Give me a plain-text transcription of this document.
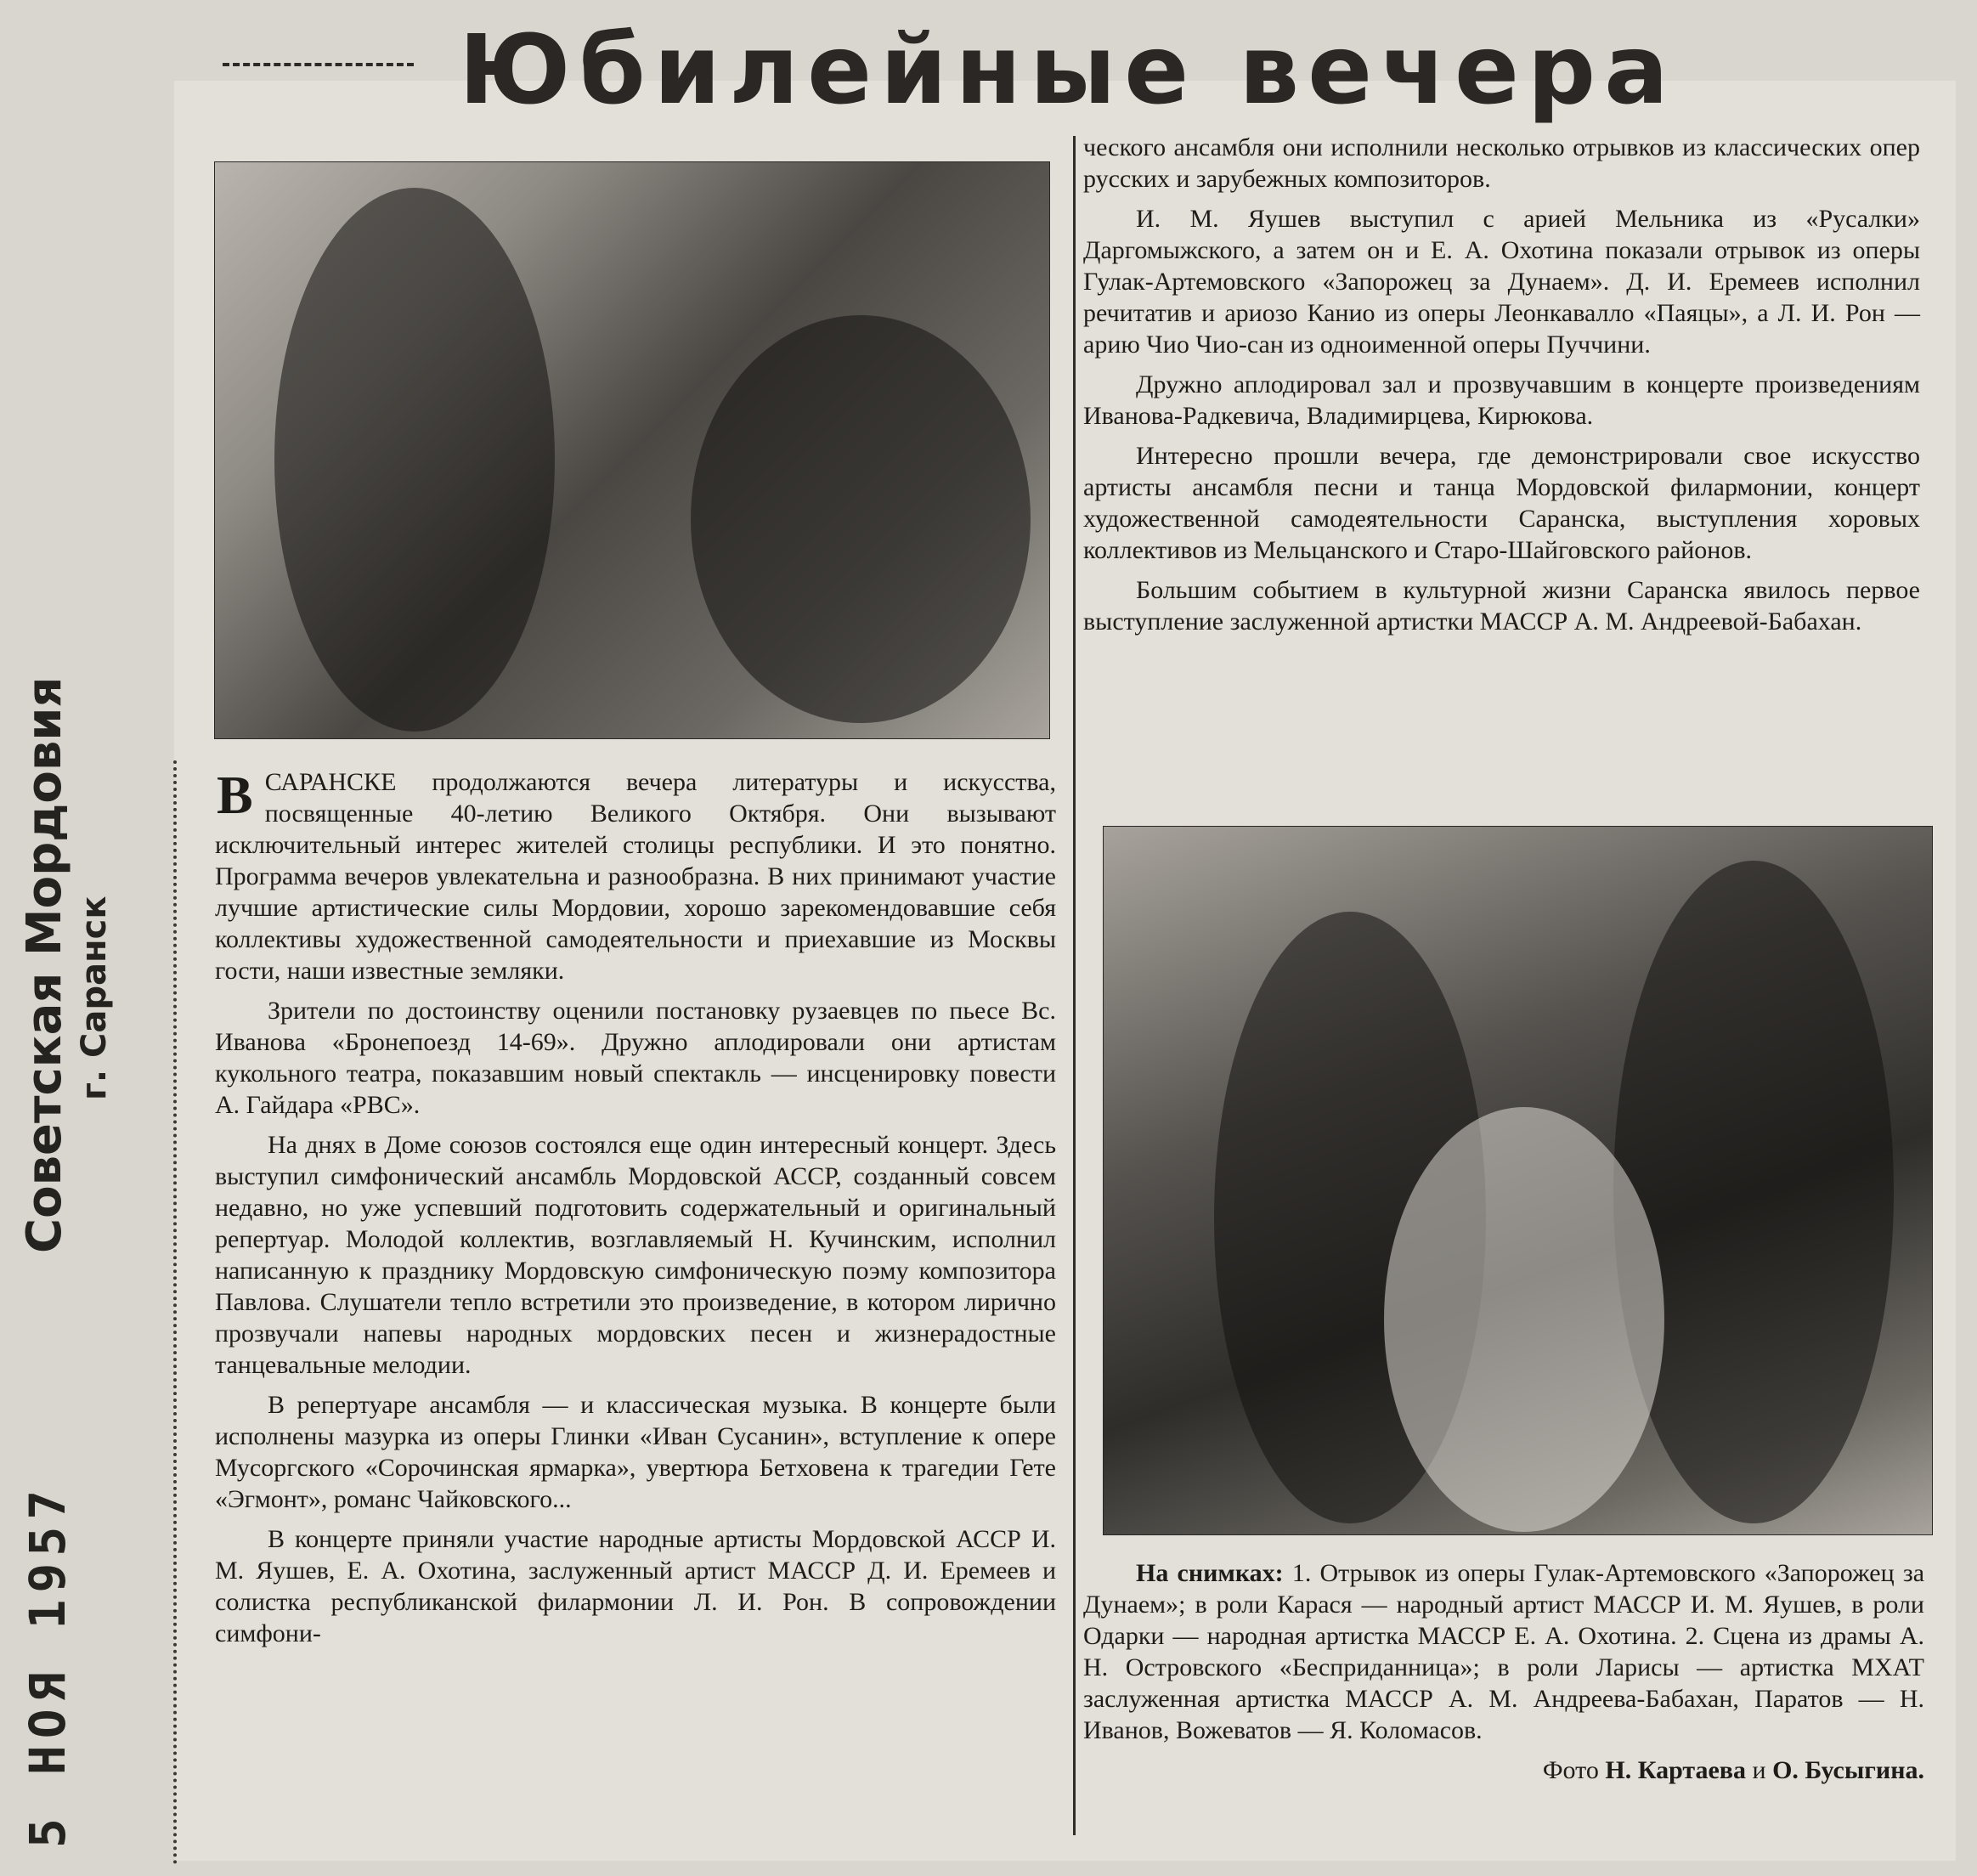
Юбилейные вечера
Советская Мордовия г. Саранск
5 НОЯ 1957

В САРАНСКЕ продолжаются вечера литературы и искусства, посвященные 40-летию Великого Октября. Они вызывают исключительный интерес жителей столицы республики. И это понятно. Программа вечеров увлекательна и разнообразна. В них принимают участие лучшие артистические силы Мордовии, хорошо зарекомендовавшие себя коллективы художественной самодеятельности и приехавшие из Москвы гости, наши известные земляки.

Зрители по достоинству оценили постановку рузаевцев по пьесе Вс. Иванова «Бронепоезд 14-69». Дружно аплодировали они артистам кукольного театра, показавшим новый спектакль — инсценировку повести А. Гайдара «РВС».

На днях в Доме союзов состоялся еще один интересный концерт. Здесь выступил симфонический ансамбль Мордовской АССР, созданный совсем недавно, но уже успевший подготовить содержательный и оригинальный репертуар. Молодой коллектив, возглавляемый Н. Кучинским, исполнил написанную к празднику Мордовскую симфоническую поэму композитора Павлова. Слушатели тепло встретили это произведение, в котором лирично прозвучали напевы народных мордовских песен и жизнерадостные танцевальные мелодии.

В репертуаре ансамбля — и классическая музыка. В концерте были исполнены мазурка из оперы Глинки «Иван Сусанин», вступление к опере Мусоргского «Сорочинская ярмарка», увертюра Бетховена к трагедии Гете «Эгмонт», романс Чайковского...

В концерте приняли участие народные артисты Мордовской АССР И. М. Яушев, Е. А. Охотина, заслуженный артист МАССР Д. И. Еремеев и солистка республиканской филармонии Л. И. Рон. В сопровождении симфони-

ческого ансамбля они исполнили несколько отрывков из классических опер русских и зарубежных композиторов.

И. М. Яушев выступил с арией Мельника из «Русалки» Даргомыжского, а затем он и Е. А. Охотина показали отрывок из оперы Гулак-Артемовского «Запорожец за Дунаем». Д. И. Еремеев исполнил речитатив и ариозо Канио из оперы Леонкавалло «Паяцы», а Л. И. Рон — арию Чио Чио-сан из одноименной оперы Пуччини.

Дружно аплодировал зал и прозвучавшим в концерте произведениям Иванова-Радкевича, Владимирцева, Кирюкова.

Интересно прошли вечера, где демонстрировали свое искусство артисты ансамбля песни и танца Мордовской филармонии, концерт художественной самодеятельности Саранска, выступления хоровых коллективов из Мельцанского и Старо-Шайговского районов.

Большим событием в культурной жизни Саранска явилось первое выступление заслуженной артистки МАССР А. М. Андреевой-Бабахан.

На снимках: 1. Отрывок из оперы Гулак-Артемовского «Запорожец за Дунаем»; в роли Карася — народный артист МАССР И. М. Яушев, в роли Одарки — народная артистка МАССР Е. А. Охотина. 2. Сцена из драмы А. Н. Островского «Бесприданница»; в роли Ларисы — артистка МХАТ заслуженная артистка МАССР А. М. Андреева-Бабахан, Паратов — Н. Иванов, Вожеватов — Я. Коломасов.

Фото Н. Картаева и О. Бусыгина.
